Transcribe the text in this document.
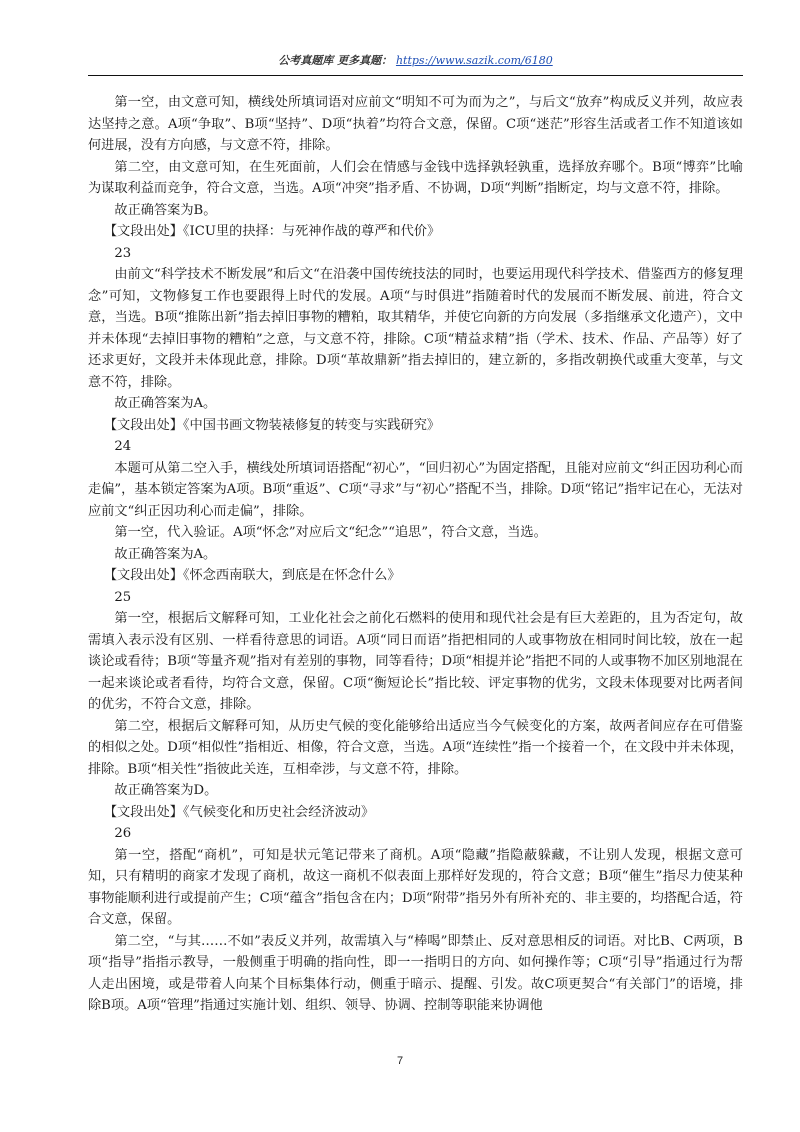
公考真题库 更多真题： https://www.sazik.com/6180

第一空，由文意可知，横线处所填词语对应前文“明知不可为而为之”，与后文“放弃”构成反义并列，故应表达坚持之意。A项“争取”、B项“坚持”、D项“执着”均符合文意，保留。C项“迷茫”形容生活或者工作不知道该如何进展，没有方向感，与文意不符，排除。

第二空，由文意可知，在生死面前，人们会在情感与金钱中选择孰轻孰重，选择放弃哪个。B项“博弈”比喻为谋取利益而竞争，符合文意，当选。A项“冲突”指矛盾、不协调，D项“判断”指断定，均与文意不符，排除。

故正确答案为B。

【文段出处】《ICU里的抉择：与死神作战的尊严和代价》

23

由前文“科学技术不断发展”和后文“在沿袭中国传统技法的同时，也要运用现代科学技术、借鉴西方的修复理念”可知，文物修复工作也要跟得上时代的发展。A项“与时俱进”指随着时代的发展而不断发展、前进，符合文意，当选。B项“推陈出新”指去掉旧事物的糟粕，取其精华，并使它向新的方向发展（多指继承文化遗产），文中并未体现“去掉旧事物的糟粕”之意，与文意不符，排除。C项“精益求精”指（学术、技术、作品、产品等）好了还求更好，文段并未体现此意，排除。D项“革故鼎新”指去掉旧的，建立新的，多指改朝换代或重大变革，与文意不符，排除。

故正确答案为A。

【文段出处】《中国书画文物装裱修复的转变与实践研究》

24

本题可从第二空入手，横线处所填词语搭配“初心”，“回归初心”为固定搭配，且能对应前文“纠正因功利心而走偏”，基本锁定答案为A项。B项“重返”、C项“寻求”与“初心”搭配不当，排除。D项“铭记”指牢记在心，无法对应前文“纠正因功利心而走偏”，排除。

第一空，代入验证。A项“怀念”对应后文“纪念”“追思”，符合文意，当选。

故正确答案为A。

【文段出处】《怀念西南联大，到底是在怀念什么》

25

第一空，根据后文解释可知，工业化社会之前化石燃料的使用和现代社会是有巨大差距的，且为否定句，故需填入表示没有区别、一样看待意思的词语。A项“同日而语”指把相同的人或事物放在相同时间比较，放在一起谈论或看待；B项“等量齐观”指对有差别的事物，同等看待；D项“相提并论”指把不同的人或事物不加区别地混在一起来谈论或者看待，均符合文意，保留。C项“衡短论长”指比较、评定事物的优劣，文段未体现要对比两者间的优劣，不符合文意，排除。

第二空，根据后文解释可知，从历史气候的变化能够给出适应当今气候变化的方案，故两者间应存在可借鉴的相似之处。D项“相似性”指相近、相像，符合文意，当选。A项“连续性”指一个接着一个，在文段中并未体现，排除。B项“相关性”指彼此关连，互相牵涉，与文意不符，排除。

故正确答案为D。

【文段出处】《气候变化和历史社会经济波动》

26

第一空，搭配“商机”，可知是状元笔记带来了商机。A项“隐藏”指隐蔽躲藏，不让别人发现，根据文意可知，只有精明的商家才发现了商机，故这一商机不似表面上那样好发现的，符合文意；B项“催生”指尽力使某种事物能顺利进行或提前产生；C项“蕴含”指包含在内；D项“附带”指另外有所补充的、非主要的，均搭配合适，符合文意，保留。

第二空，“与其……不如”表反义并列，故需填入与“棒喝”即禁止、反对意思相反的词语。对比B、C两项，B项“指导”指指示教导，一般侧重于明确的指向性，即一一指明日的方向、如何操作等；C项“引导”指通过行为帮人走出困境，或是带着人向某个目标集体行动，侧重于暗示、提醒、引发。故C项更契合“有关部门”的语境，排除B项。A项“管理”指通过实施计划、组织、领导、协调、控制等职能来协调他

7
